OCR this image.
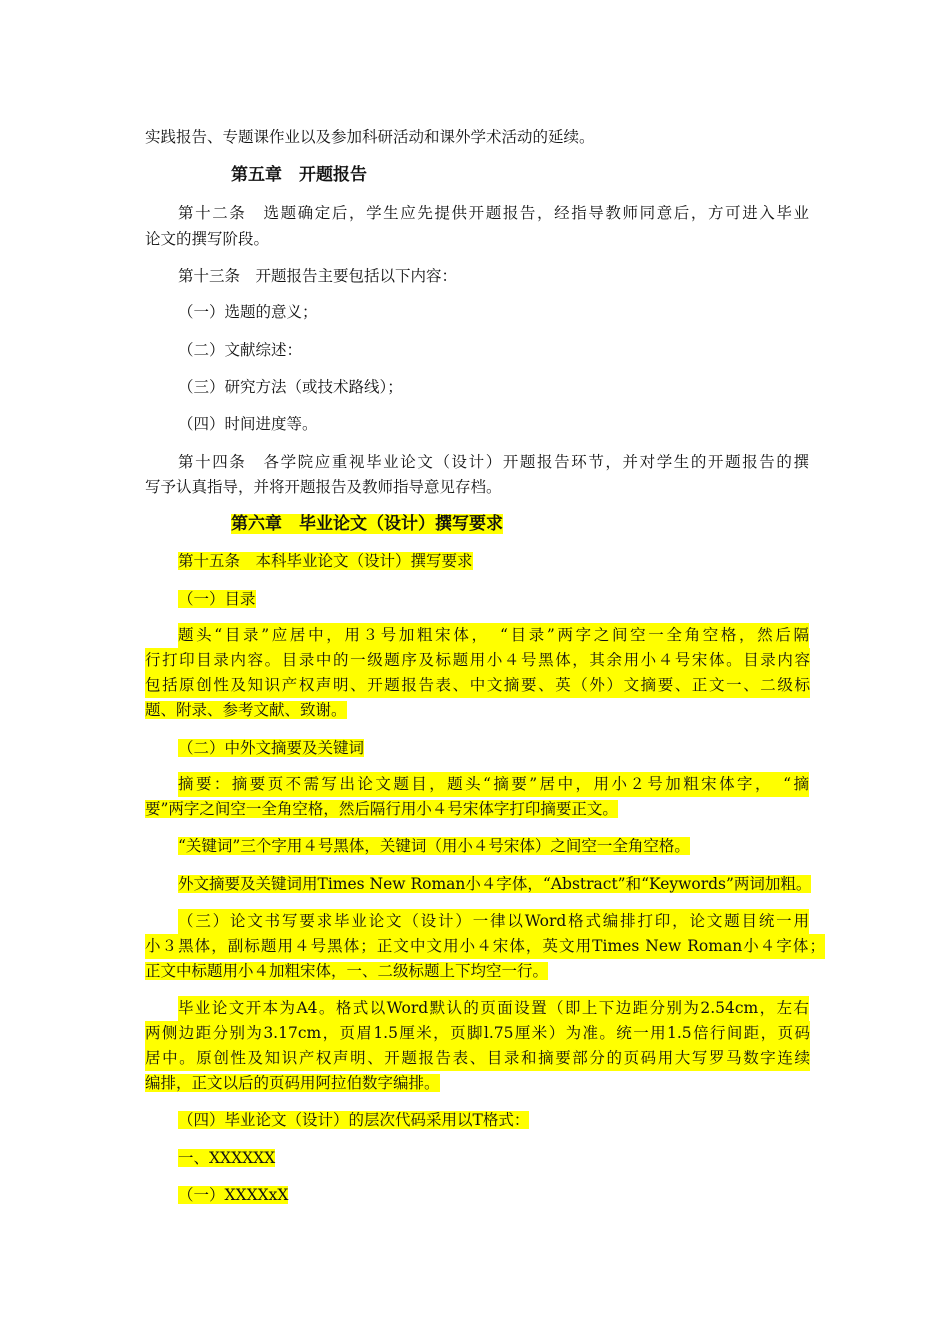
实践报告、专题课作业以及参加科研活动和课外学术活动的延续。
第五章　开题报告
第十二条　选题确定后，学生应先提供开题报告，经指导教师同意后，方可进入毕业
论文的撰写阶段。
第十三条　开题报告主要包括以下内容：
（一）选题的意义；
（二）文献综述：
（三）研究方法（或技术路线）；
（四）时间进度等。
第十四条　各学院应重视毕业论文（设计）开题报告环节，并对学生的开题报告的撰
写予认真指导，并将开题报告及教师指导意见存档。
第六章　毕业论文（设计）撰写要求
第十五条　本科毕业论文（设计）撰写要求
（一）目录
题头“目录”应居中，用３号加粗宋体，　“目录”两字之间空一全角空格，然后隔
行打印目录内容。目录中的一级题序及标题用小４号黑体，其余用小４号宋体。目录内容
包括原创性及知识产权声明、开题报告表、中文摘要、英（外）文摘要、正文一、二级标
题、附录、参考文献、致谢。
（二）中外文摘要及关键词
摘要：摘要页不需写出论文题目，题头“摘要”居中，用小２号加粗宋体字，　“摘
要”两字之间空一全角空格，然后隔行用小４号宋体字打印摘要正文。
“关键词”三个字用４号黑体，关键词（用小４号宋体）之间空一全角空格。
外文摘要及关键词用Times New Roman小４字体，“Abstract”和“Keywords”两词加粗。
（三）论文书写要求毕业论文（设计）一律以Word格式编排打印，论文题目统一用
小３黑体，副标题用４号黑体；正文中文用小４宋体，英文用Times New Roman小４字体；
正文中标题用小４加粗宋体，一、二级标题上下均空一行。
毕业论文开本为A4。格式以Word默认的页面设置（即上下边距分别为2.54cm，左右
两侧边距分别为3.17cm，页眉1.5厘米，页脚l.75厘米）为准。统一用1.5倍行间距，页码
居中。原创性及知识产权声明、开题报告表、目录和摘要部分的页码用大写罗马数字连续
编排，正文以后的页码用阿拉伯数字编排。
（四）毕业论文（设计）的层次代码采用以T格式：
一、XXXXXX
（一）XXXXxX
